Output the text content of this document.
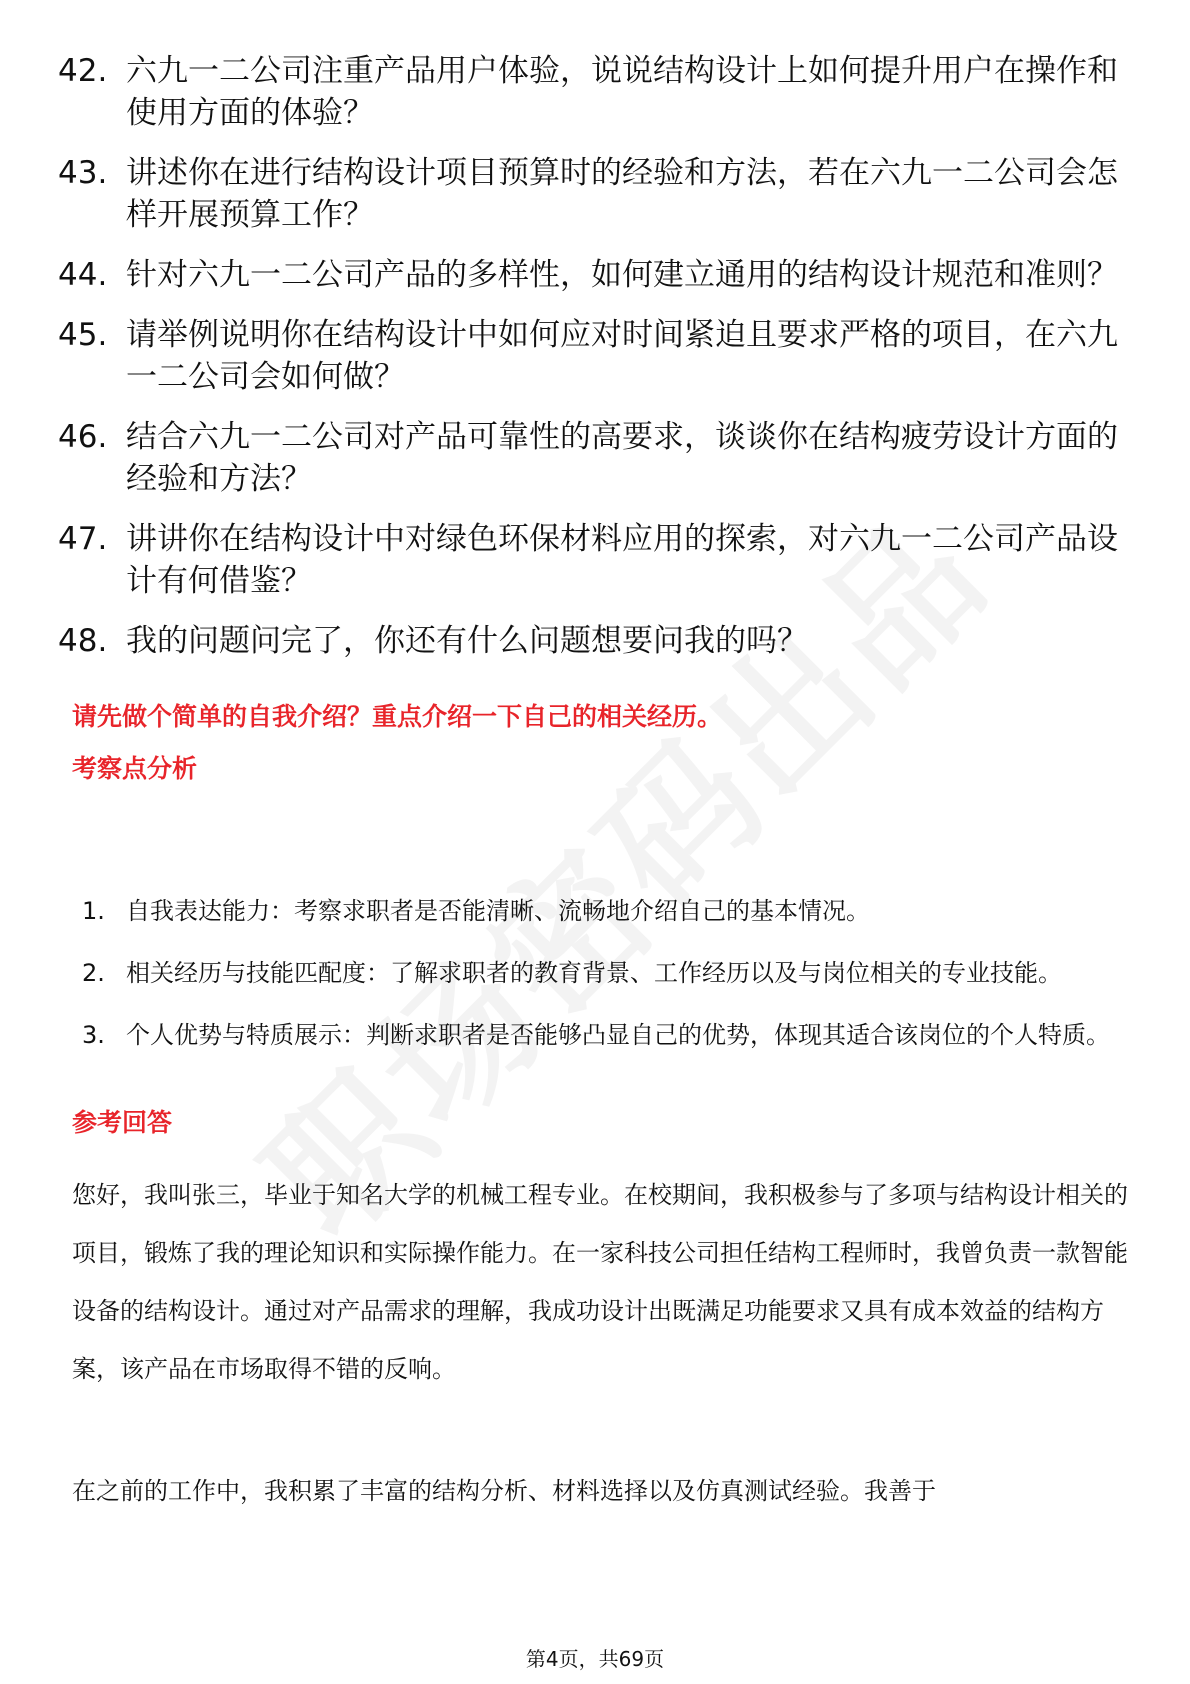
42. 六九一二公司注重产品用户体验，说说结构设计上如何提升用户在操作和使用方面的体验？
43. 讲述你在进行结构设计项目预算时的经验和方法，若在六九一二公司会怎样开展预算工作？
44. 针对六九一二公司产品的多样性，如何建立通用的结构设计规范和准则？
45. 请举例说明你在结构设计中如何应对时间紧迫且要求严格的项目，在六九一二公司会如何做？
46. 结合六九一二公司对产品可靠性的高要求，谈谈你在结构疲劳设计方面的经验和方法？
47. 讲讲你在结构设计中对绿色环保材料应用的探索，对六九一二公司产品设计有何借鉴？
48. 我的问题问完了，你还有什么问题想要问我的吗？
请先做个简单的自我介绍？重点介绍一下自己的相关经历。
考察点分析
1. 自我表达能力：考察求职者是否能清晰、流畅地介绍自己的基本情况。
2. 相关经历与技能匹配度：了解求职者的教育背景、工作经历以及与岗位相关的专业技能。
3. 个人优势与特质展示：判断求职者是否能够凸显自己的优势，体现其适合该岗位的个人特质。
参考回答

您好，我叫张三，毕业于知名大学的机械工程专业。在校期间，我积极参与了多项与结构设计相关的项目，锻炼了我的理论知识和实际操作能力。在一家科技公司担任结构工程师时，我曾负责一款智能设备的结构设计。通过对产品需求的理解，我成功设计出既满足功能要求又具有成本效益的结构方案，该产品在市场取得不错的反响。

在之前的工作中，我积累了丰富的结构分析、材料选择以及仿真测试经验。我善于

第4页，共69页
